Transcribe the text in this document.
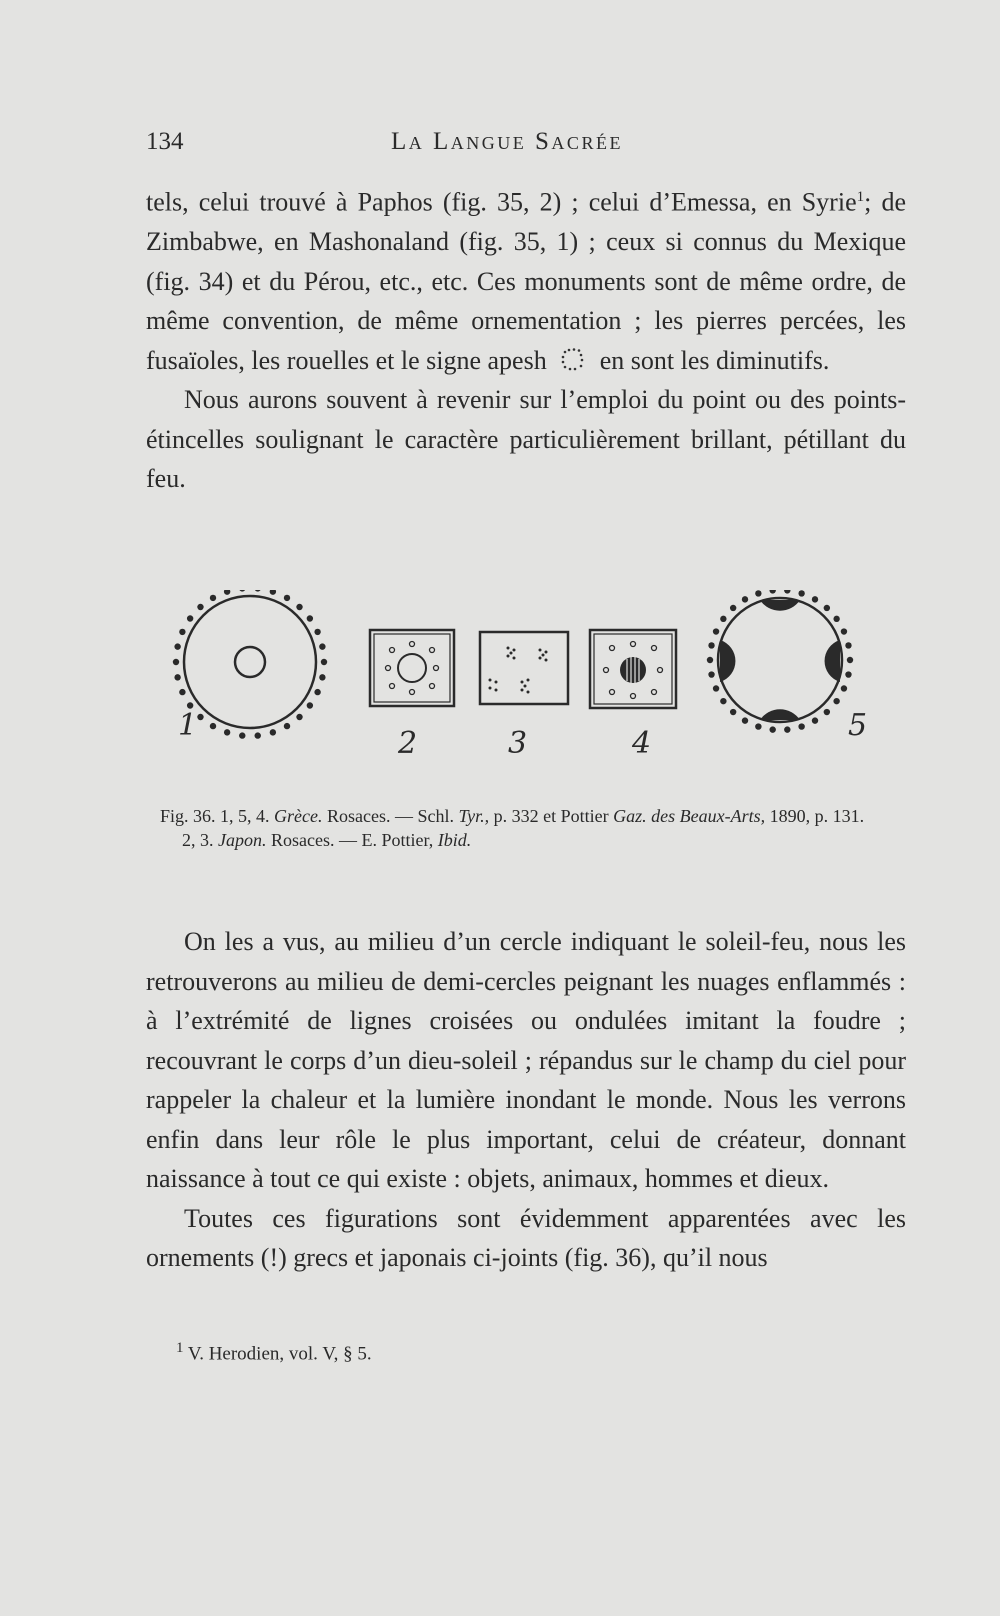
134	La Langue Sacrée

tels, celui trouvé à Paphos (fig. 35, 2) ; celui d’Emessa, en Syrie$^1$; de Zimbabwe, en Mashonaland (fig. 35, 1) ; ceux si connus du Mexique (fig. 34) et du Pérou, etc., etc. Ces monuments sont de même ordre, de même convention, de même ornementation ; les pierres percées, les fusaïoles, les rouelles et le signe apesh en sont les diminutifs.

Nous aurons souvent à revenir sur l’emploi du point ou des points-étincelles soulignant le caractère particulièrement brillant, pétillant du feu.

1
2	3	4
5

Fig. 36. 1, 5, 4. Grèce. Rosaces. — Schl. Tyr., p. 332 et Pottier Gaz. des Beaux-Arts, 1890, p. 131.

2, 3. Japon. Rosaces. — E. Pottier, Ibid.

On les a vus, au milieu d’un cercle indiquant le soleil-feu, nous les retrouverons au milieu de demi-cercles peignant les nuages enflammés : à l’extrémité de lignes croisées ou ondulées imitant la foudre ; recouvrant le corps d’un dieu-soleil ; répandus sur le champ du ciel pour rappeler la chaleur et la lumière inondant le monde. Nous les verrons enfin dans leur rôle le plus important, celui de créateur, donnant naissance à tout ce qui existe : objets, animaux, hommes et dieux.

Toutes ces figurations sont évidemment apparentées avec les ornements (!) grecs et japonais ci-joints (fig. 36), qu’il nous

$^1$ V. Herodien, vol. V, § 5.
